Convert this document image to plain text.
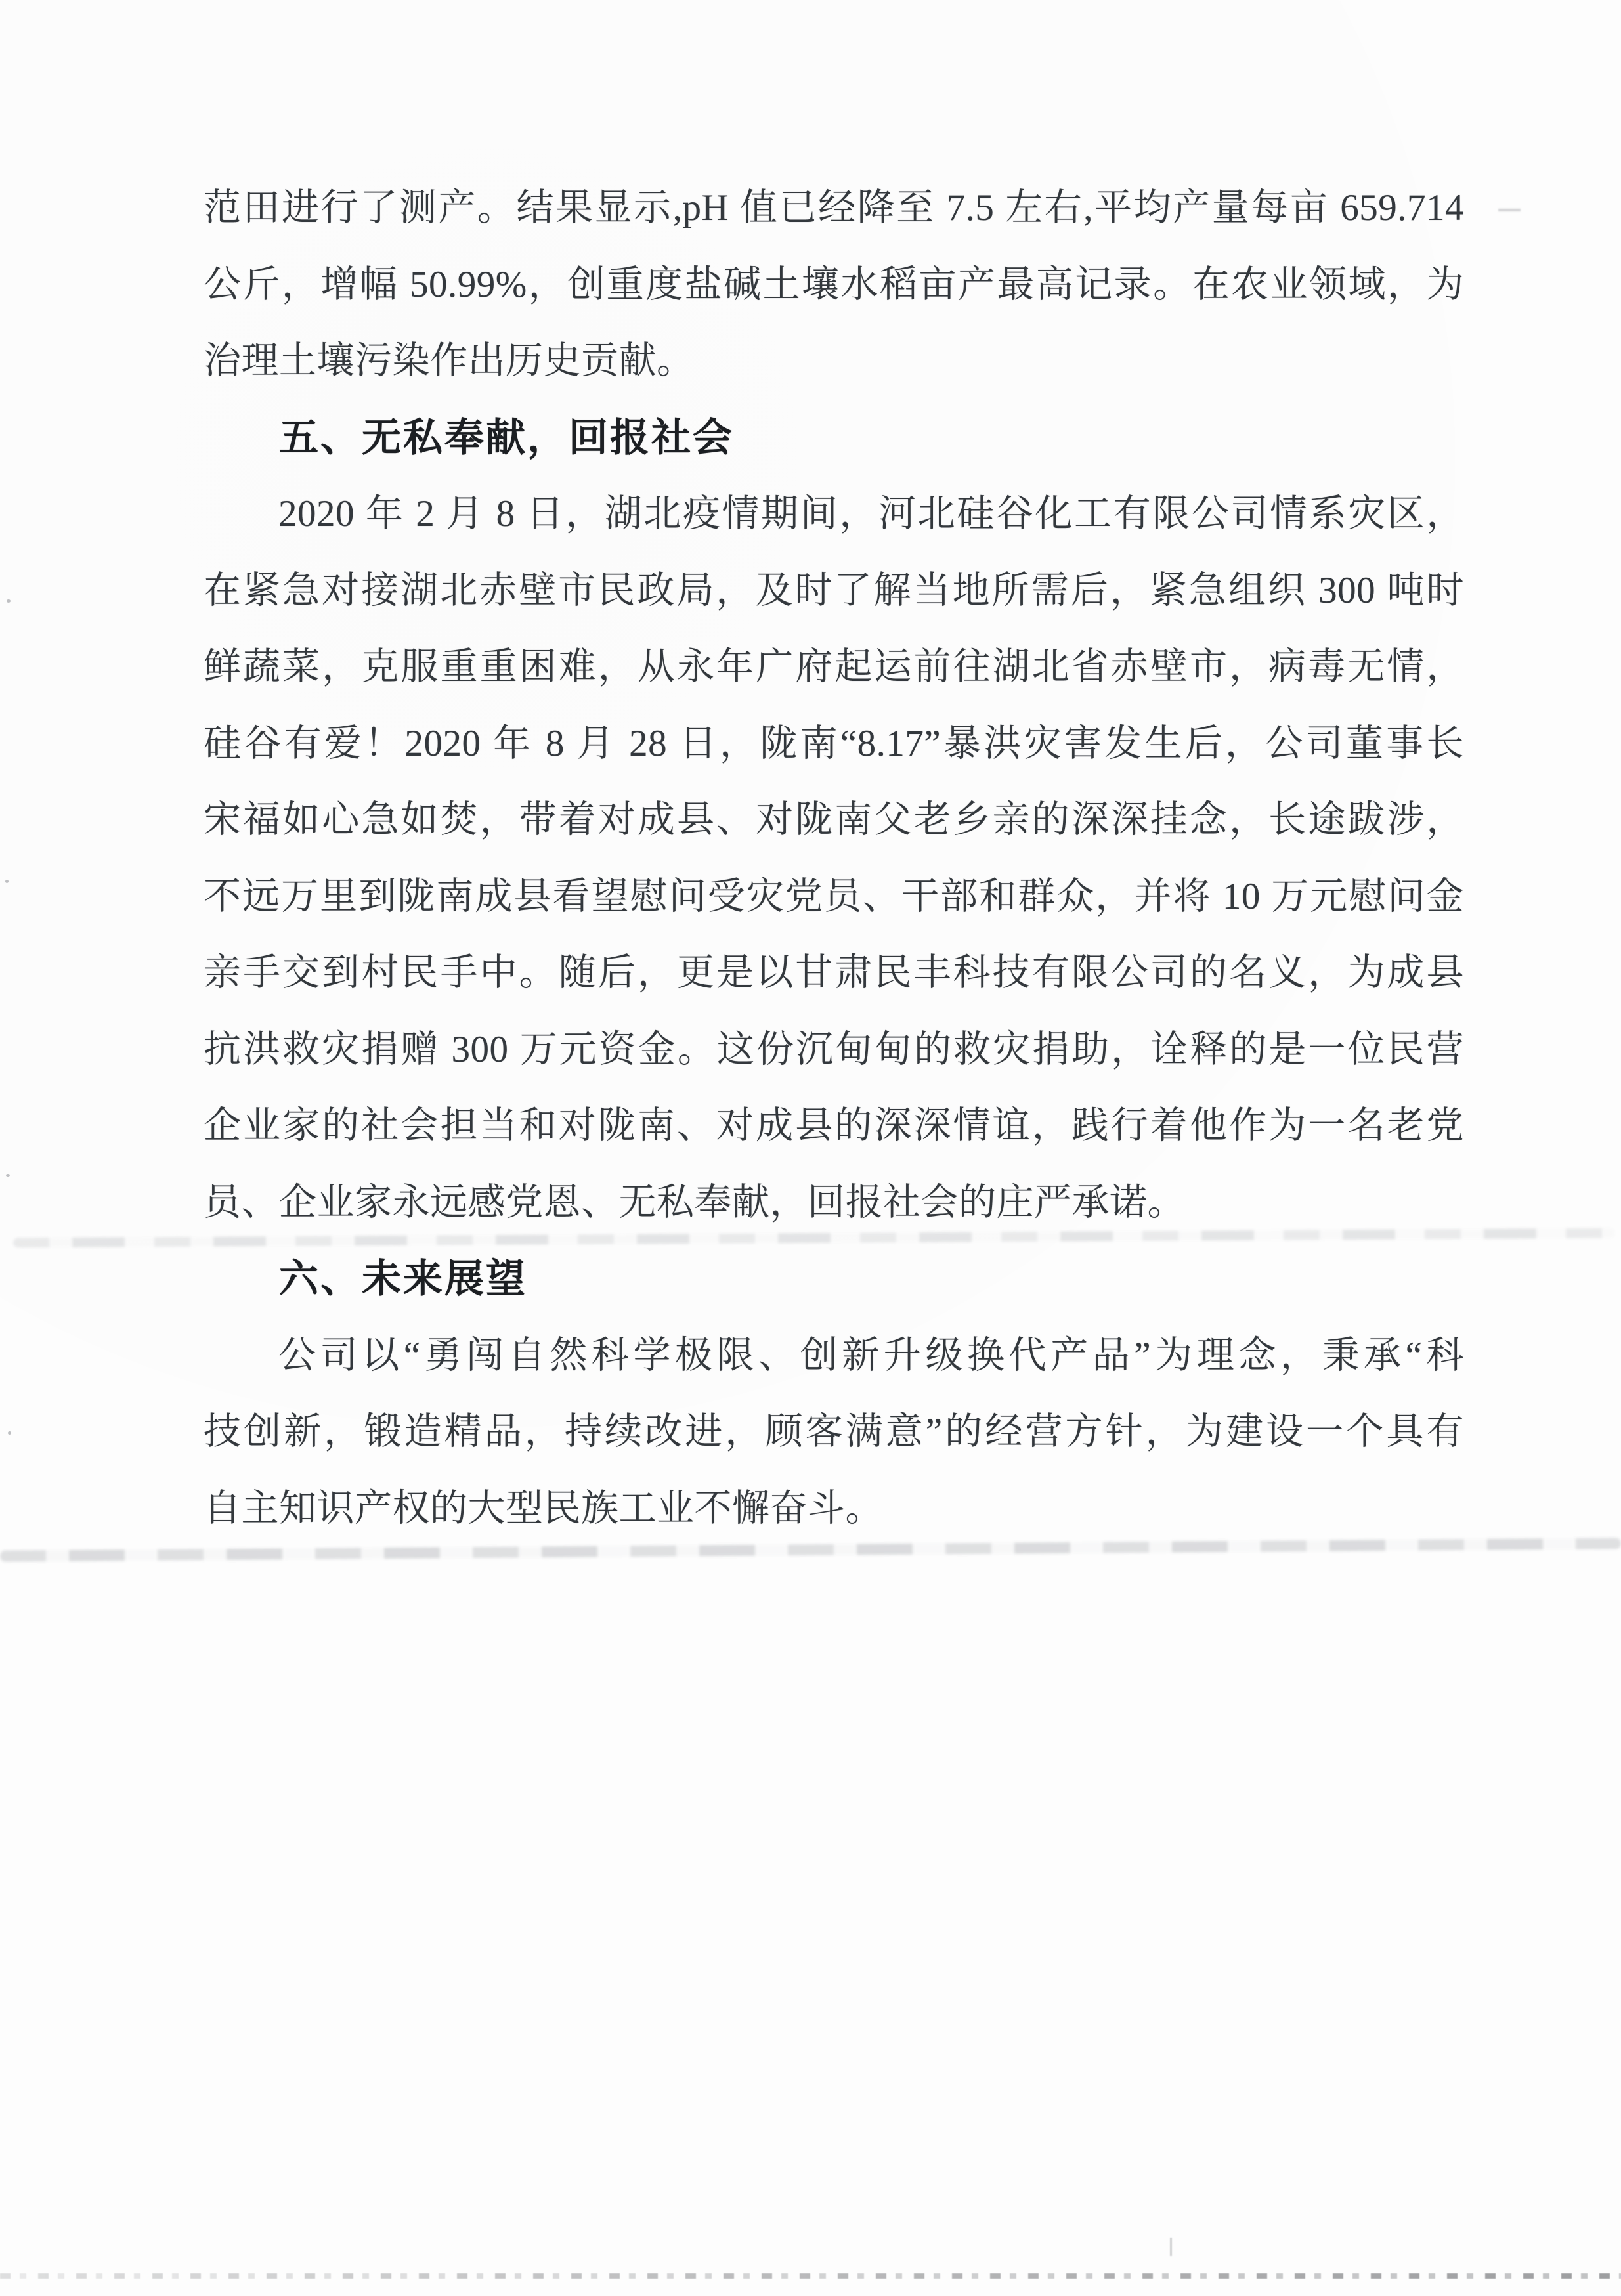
范田进行了测产。结果显示,pH 值已经降至 7.5 左右,平均产量每亩 659.714

公斤，增幅 50.99%，创重度盐碱土壤水稻亩产最高记录。在农业领域，为

治理土壤污染作出历史贡献。

五、无私奉献，回报社会

2020 年 2 月 8 日，湖北疫情期间，河北硅谷化工有限公司情系灾区，

在紧急对接湖北赤壁市民政局，及时了解当地所需后，紧急组织 300 吨时

鲜蔬菜，克服重重困难，从永年广府起运前往湖北省赤壁市，病毒无情，

硅谷有爱！2020 年 8 月 28 日，陇南“8.17”暴洪灾害发生后，公司董事长

宋福如心急如焚，带着对成县、对陇南父老乡亲的深深挂念，长途跋涉，

不远万里到陇南成县看望慰问受灾党员、干部和群众，并将 10 万元慰问金

亲手交到村民手中。随后，更是以甘肃民丰科技有限公司的名义，为成县

抗洪救灾捐赠 300 万元资金。这份沉甸甸的救灾捐助，诠释的是一位民营

企业家的社会担当和对陇南、对成县的深深情谊，践行着他作为一名老党

员、企业家永远感党恩、无私奉献，回报社会的庄严承诺。

六、未来展望

公司以“勇闯自然科学极限、创新升级换代产品”为理念，秉承“科

技创新，锻造精品，持续改进，顾客满意”的经营方针，为建设一个具有

自主知识产权的大型民族工业不懈奋斗。
